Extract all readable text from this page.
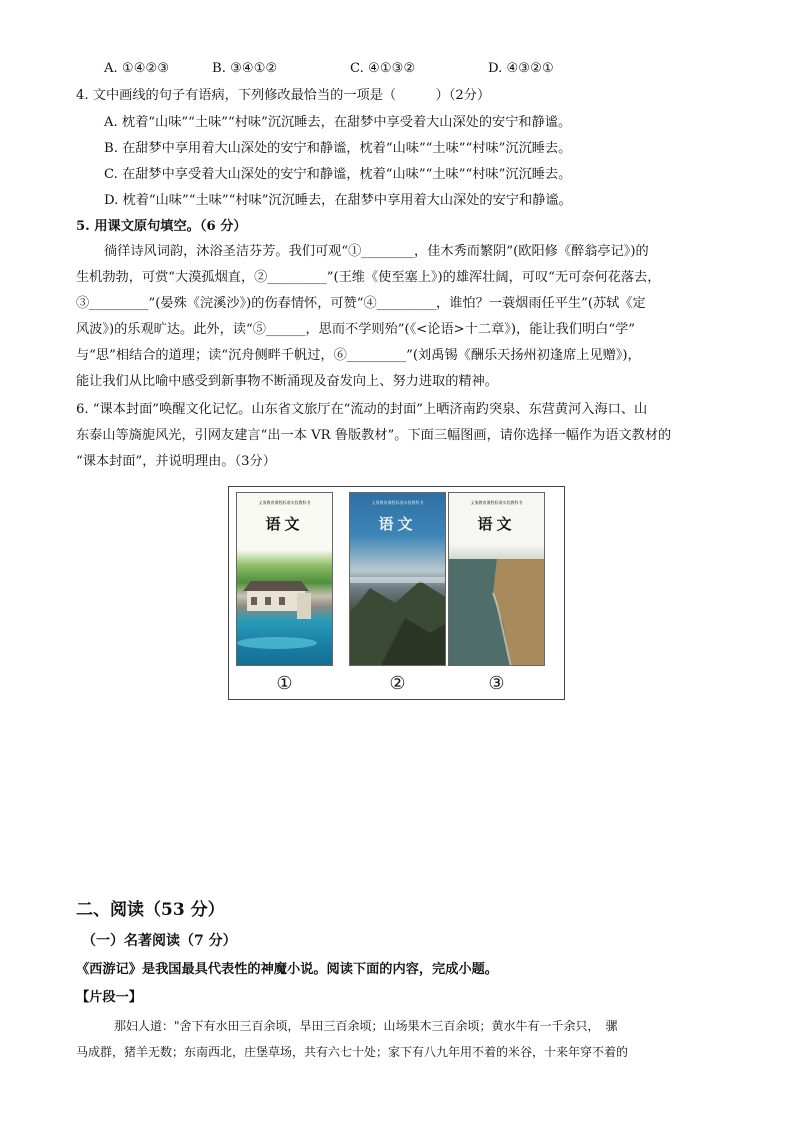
A. ①④②③	B. ③④①②	C. ④①③②	D. ④③②①
4. 文中画线的句子有语病，下列修改最恰当的一项是（　　　）（2分）
A. 枕着“山味”“土味”“村味”沉沉睡去，在甜梦中享受着大山深处的安宁和静谧。
B. 在甜梦中享用着大山深处的安宁和静谧，枕着“山味”“土味”“村味”沉沉睡去。
C. 在甜梦中享受着大山深处的安宁和静谧，枕着“山味”“土味”“村味”沉沉睡去。
D. 枕着“山味”“土味”“村味”沉沉睡去，在甜梦中享用着大山深处的安宁和静谧。
5. 用课文原句填空。（6 分）
徜徉诗风词韵，沐浴圣洁芬芳。我们可观“①________，佳木秀而繁阴”(欧阳修《醉翁亭记》)的
生机勃勃，可赏“大漠孤烟直，②_________”(王维《使至塞上》)的雄浑壮阔，可叹“无可奈何花落去，
③_________”(晏殊《浣溪沙》)的伤春情怀，可赞“④_________，谁怕？一蓑烟雨任平生”(苏轼《定
风波》)的乐观旷达。此外，读“⑤______，思而不学则殆”(《<论语>十二章》)，能让我们明白“学”
与“思”相结合的道理；读“沉舟侧畔千帆过，⑥_________”(刘禹锡《酬乐天扬州初逢席上见赠》)，
能让我们从比喻中感受到新事物不断涌现及奋发向上、努力进取的精神。
6. “课本封面”唤醒文化记忆。山东省文旅厅在“流动的封面”上晒济南趵突泉、东营黄河入海口、山
东泰山等旖旎风光，引网友建言“出一本 VR 鲁版教材”。下面三幅图画，请你选择一幅作为语文教材的
“课本封面”，并说明理由。（3分）
义务教育课程标准实验教科书
语文
义务教育课程标准实验教科书
语文
义务教育课程标准实验教科书
语文
①	②	③
二、阅读（53 分）
（一）名著阅读（7 分）
《西游记》是我国最具代表性的神魔小说。阅读下面的内容，完成小题。
【片段一】
那妇人道："舍下有水田三百余顷，旱田三百余顷；山场果木三百余顷；黄水牛有一千余只，　骡
马成群，猪羊无数；东南西北，庄堡草场，共有六七十处；家下有八九年用不着的米谷，十来年穿不着的
